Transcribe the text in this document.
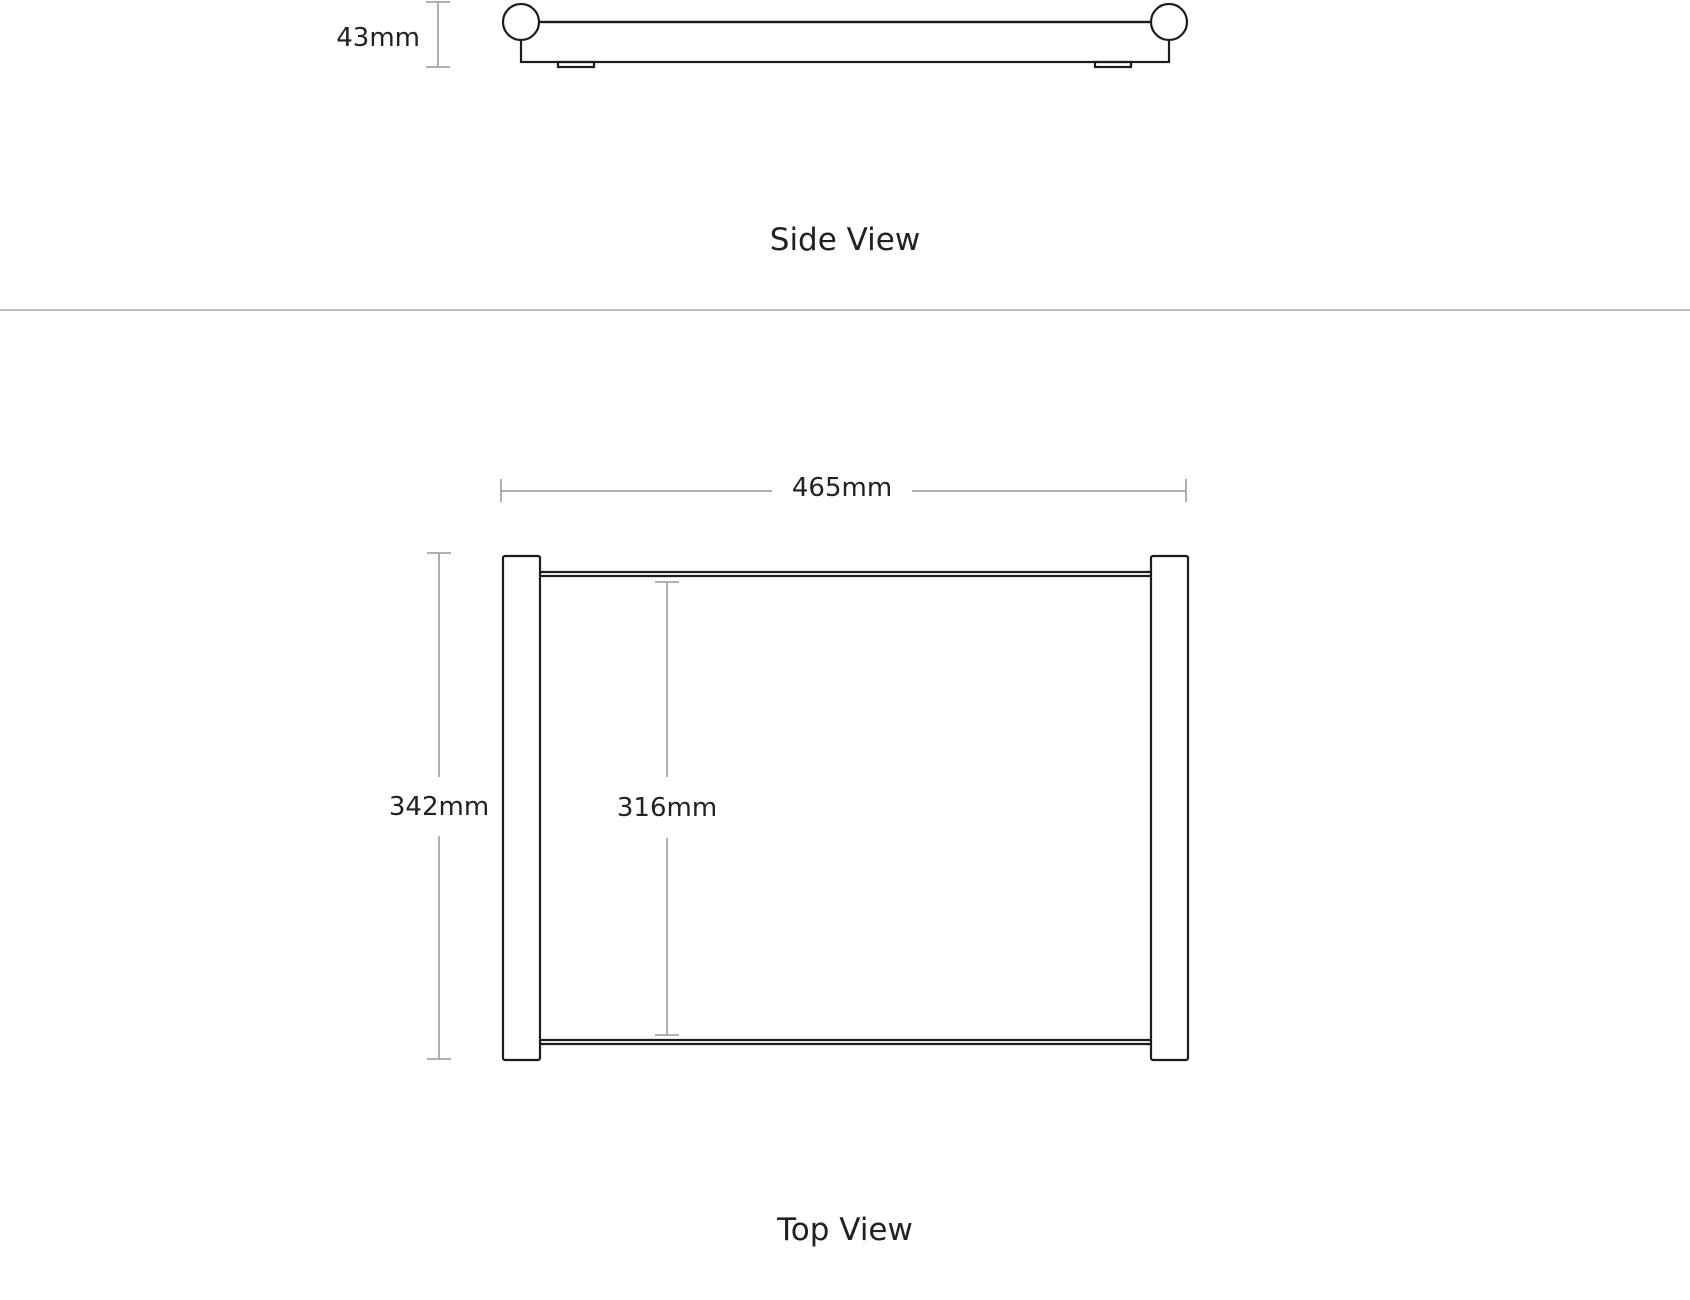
43mm
Side View
465mm
342mm	316mm
Top View
